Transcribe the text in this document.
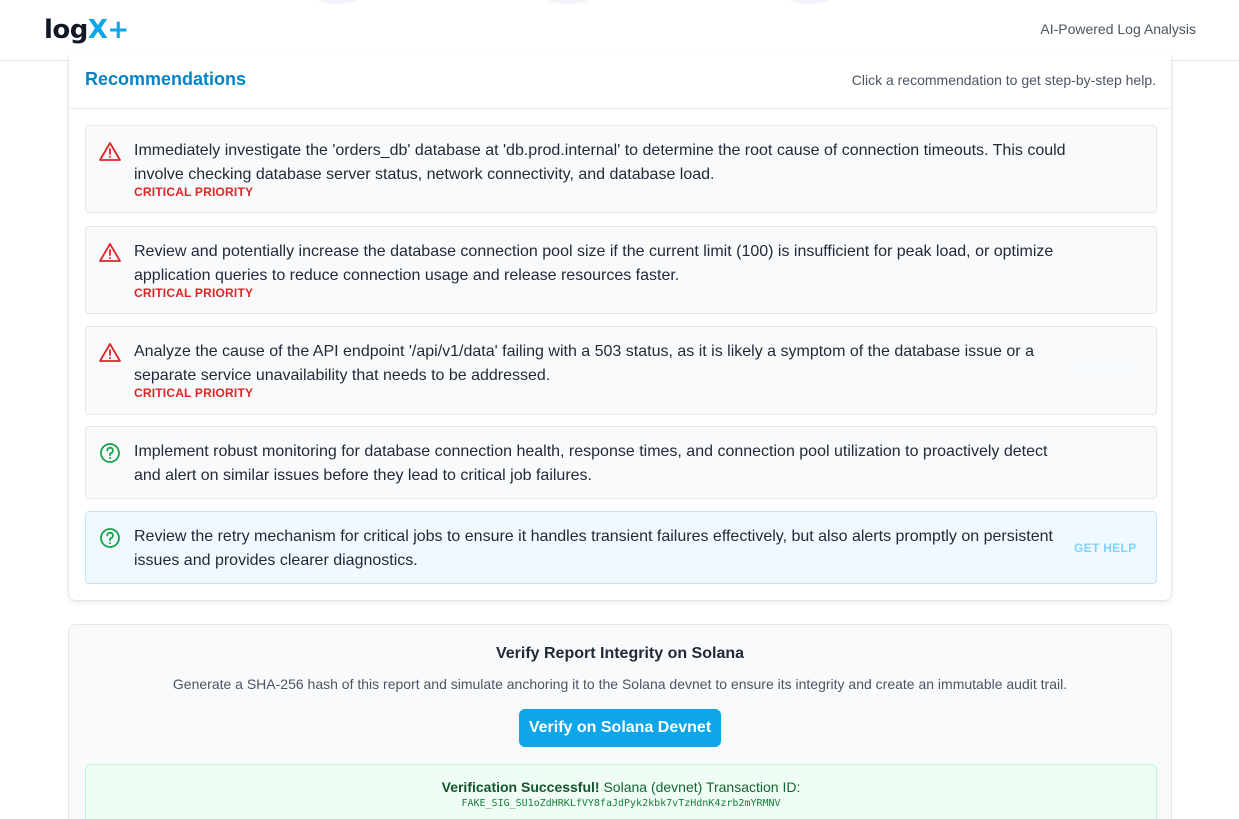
logX+	AI-Powered Log Analysis
Recommendations	Click a recommendation to get step-by-step help.
Immediately investigate the 'orders_db' database at 'db.prod.internal' to determine the root cause of connection timeouts. This could involve checking database server status, network connectivity, and database load.
CRITICAL PRIORITY
Review and potentially increase the database connection pool size if the current limit (100) is insufficient for peak load, or optimize application queries to reduce connection usage and release resources faster.
CRITICAL PRIORITY
Analyze the cause of the API endpoint '/api/v1/data' failing with a 503 status, as it is likely a symptom of the database issue or a separate service unavailability that needs to be addressed.
CRITICAL PRIORITY
GET HELP
Implement robust monitoring for database connection health, response times, and connection pool utilization to proactively detect and alert on similar issues before they lead to critical job failures.
Review the retry mechanism for critical jobs to ensure it handles transient failures effectively, but also alerts promptly on persistent issues and provides clearer diagnostics.
GET HELP
Verify Report Integrity on Solana
Generate a SHA-256 hash of this report and simulate anchoring it to the Solana devnet to ensure its integrity and create an immutable audit trail.
Verify on Solana Devnet
Verification Successful! Solana (devnet) Transaction ID:
FAKE_SIG_SU1oZdHRKLfVY8faJdPyk2kbk7vTzHdnK4zrb2mYRMNV
